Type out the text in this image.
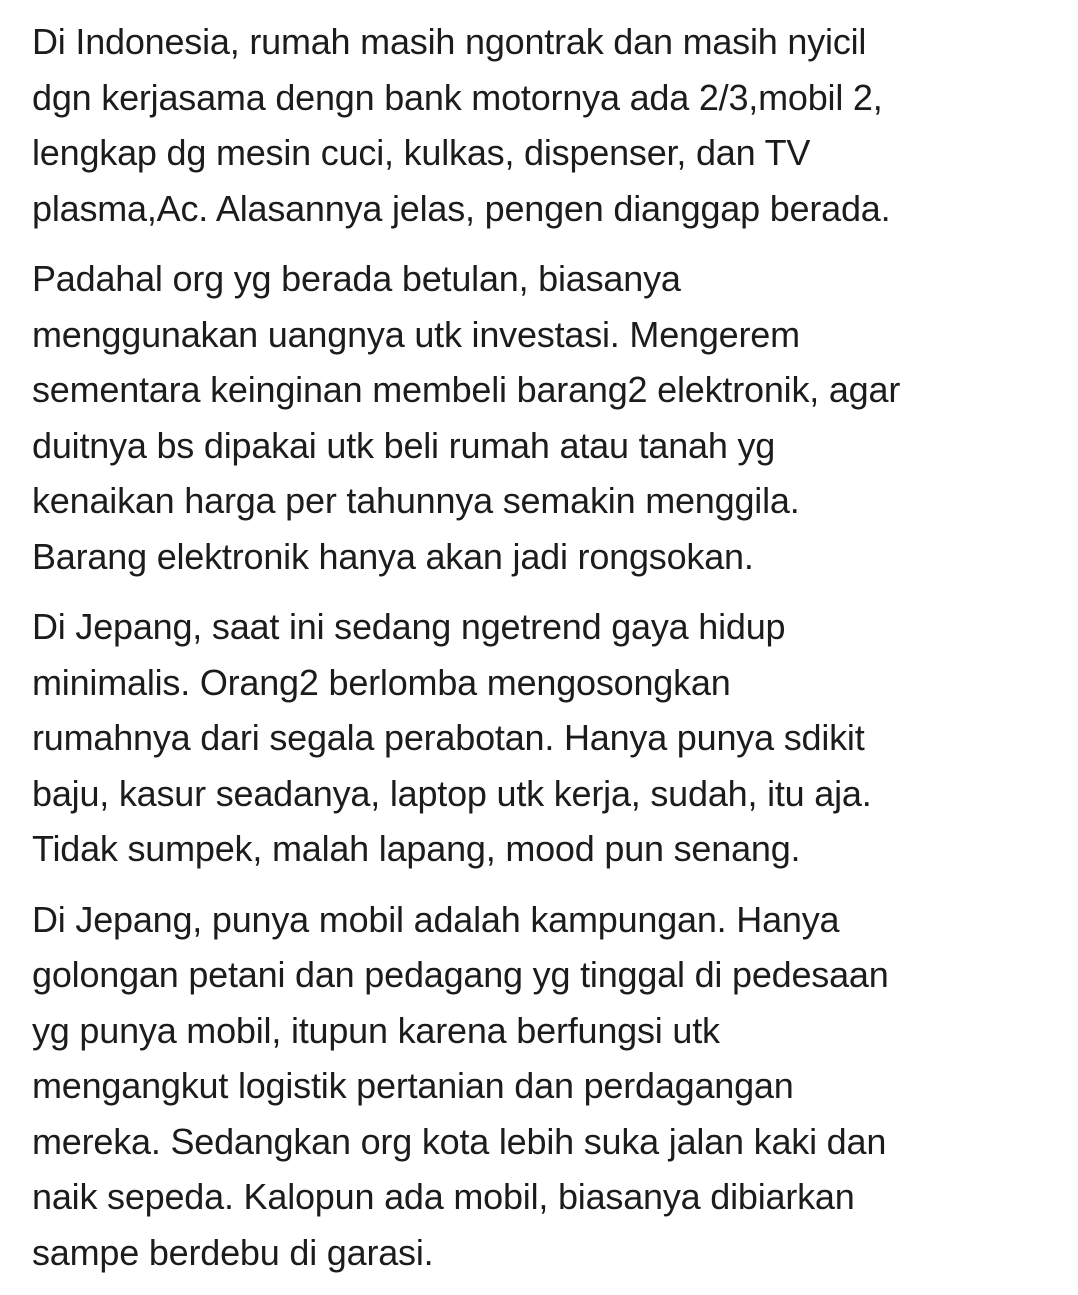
Di Indonesia, rumah masih ngontrak dan masih nyicil
dgn kerjasama dengn bank motornya ada 2/3,mobil 2,
lengkap dg mesin cuci, kulkas, dispenser, dan TV
plasma,Ac. Alasannya jelas, pengen dianggap berada.

Padahal org yg berada betulan, biasanya
menggunakan uangnya utk investasi. Mengerem
sementara keinginan membeli barang2 elektronik, agar
duitnya bs dipakai utk beli rumah atau tanah yg
kenaikan harga per tahunnya semakin menggila.
Barang elektronik hanya akan jadi rongsokan.

Di Jepang, saat ini sedang ngetrend gaya hidup
minimalis. Orang2 berlomba mengosongkan
rumahnya dari segala perabotan. Hanya punya sdikit
baju, kasur seadanya, laptop utk kerja, sudah, itu aja.
Tidak sumpek, malah lapang, mood pun senang.

Di Jepang, punya mobil adalah kampungan. Hanya
golongan petani dan pedagang yg tinggal di pedesaan
yg punya mobil, itupun karena berfungsi utk
mengangkut logistik pertanian dan perdagangan
mereka. Sedangkan org kota lebih suka jalan kaki dan
naik sepeda. Kalopun ada mobil, biasanya dibiarkan
sampe berdebu di garasi.
